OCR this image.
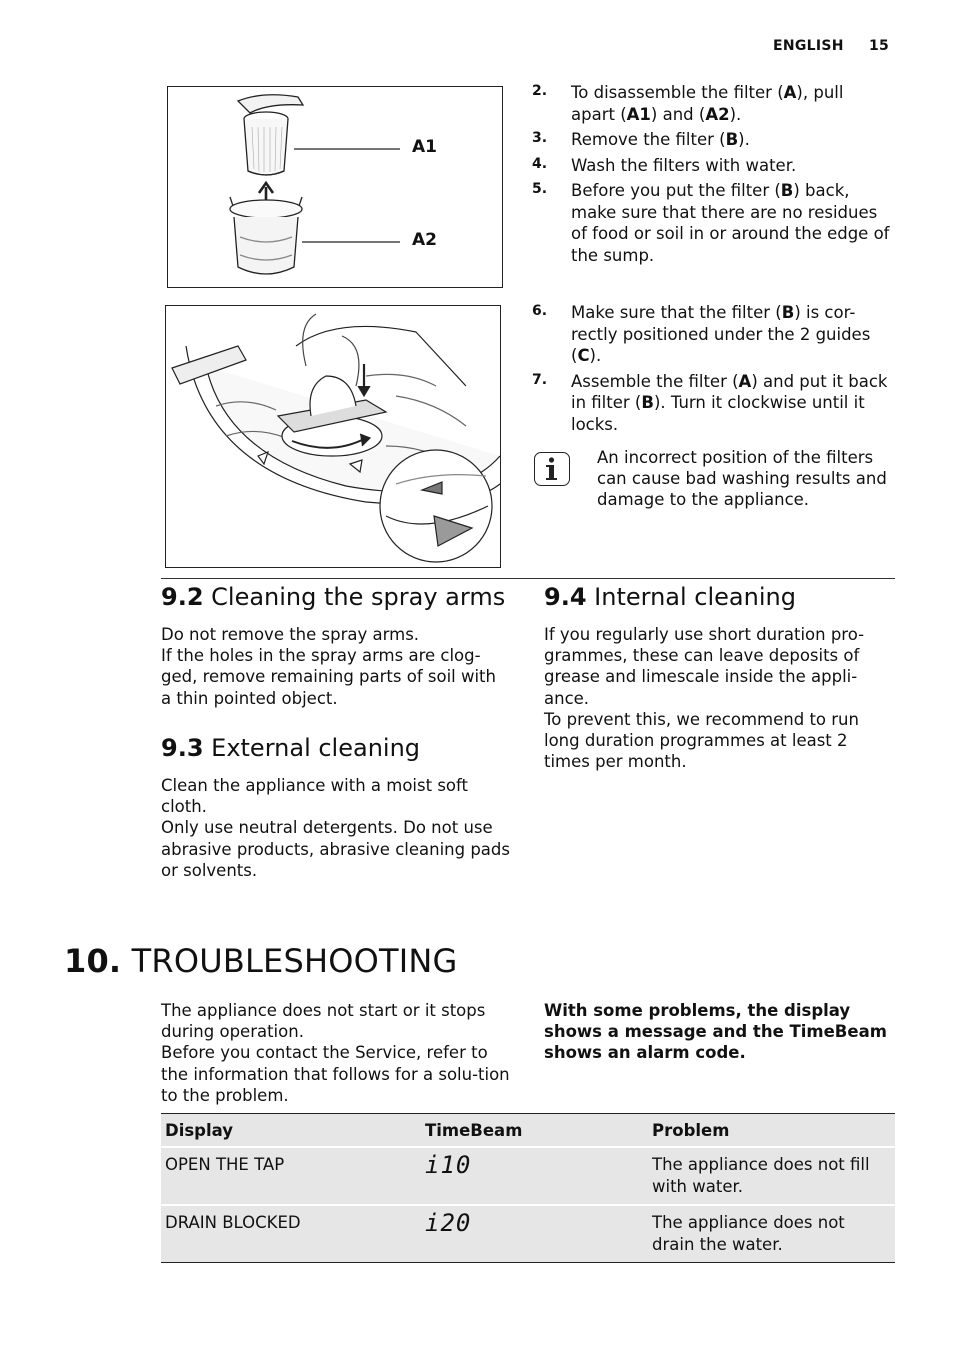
ENGLISH 15
A1
A2
2. To disassemble the filter (A), pull apart (A1) and (A2).
3. Remove the filter (B).
4. Wash the filters with water.
5. Before you put the filter (B) back, make sure that there are no residues of food or soil in or around the edge of the sump.
6. Make sure that the filter (B) is cor-rectly positioned under the 2 guides (C).
7. Assemble the filter (A) and put it back in filter (B). Turn it clockwise until it locks.
An incorrect position of the filters can cause bad washing results and damage to the appliance.
9.2 Cleaning the spray arms

Do not remove the spray arms.

If the holes in the spray arms are clog-ged, remove remaining parts of soil with a thin pointed object.

9.3 External cleaning

Clean the appliance with a moist soft cloth.

Only use neutral detergents. Do not use abrasive products, abrasive cleaning pads or solvents.

9.4 Internal cleaning

If you regularly use short duration pro-grammes, these can leave deposits of grease and limescale inside the appli-ance.

To prevent this, we recommend to run long duration programmes at least 2 times per month.

10. TROUBLESHOOTING

The appliance does not start or it stops during operation.

Before you contact the Service, refer to the information that follows for a solu-tion to the problem.

With some problems, the display shows a message and the TimeBeam shows an alarm code.
Display	TimeBeam	Problem
OPEN THE TAP	i10	The appliance does not fill with water.
DRAIN BLOCKED	i20	The appliance does not drain the water.
